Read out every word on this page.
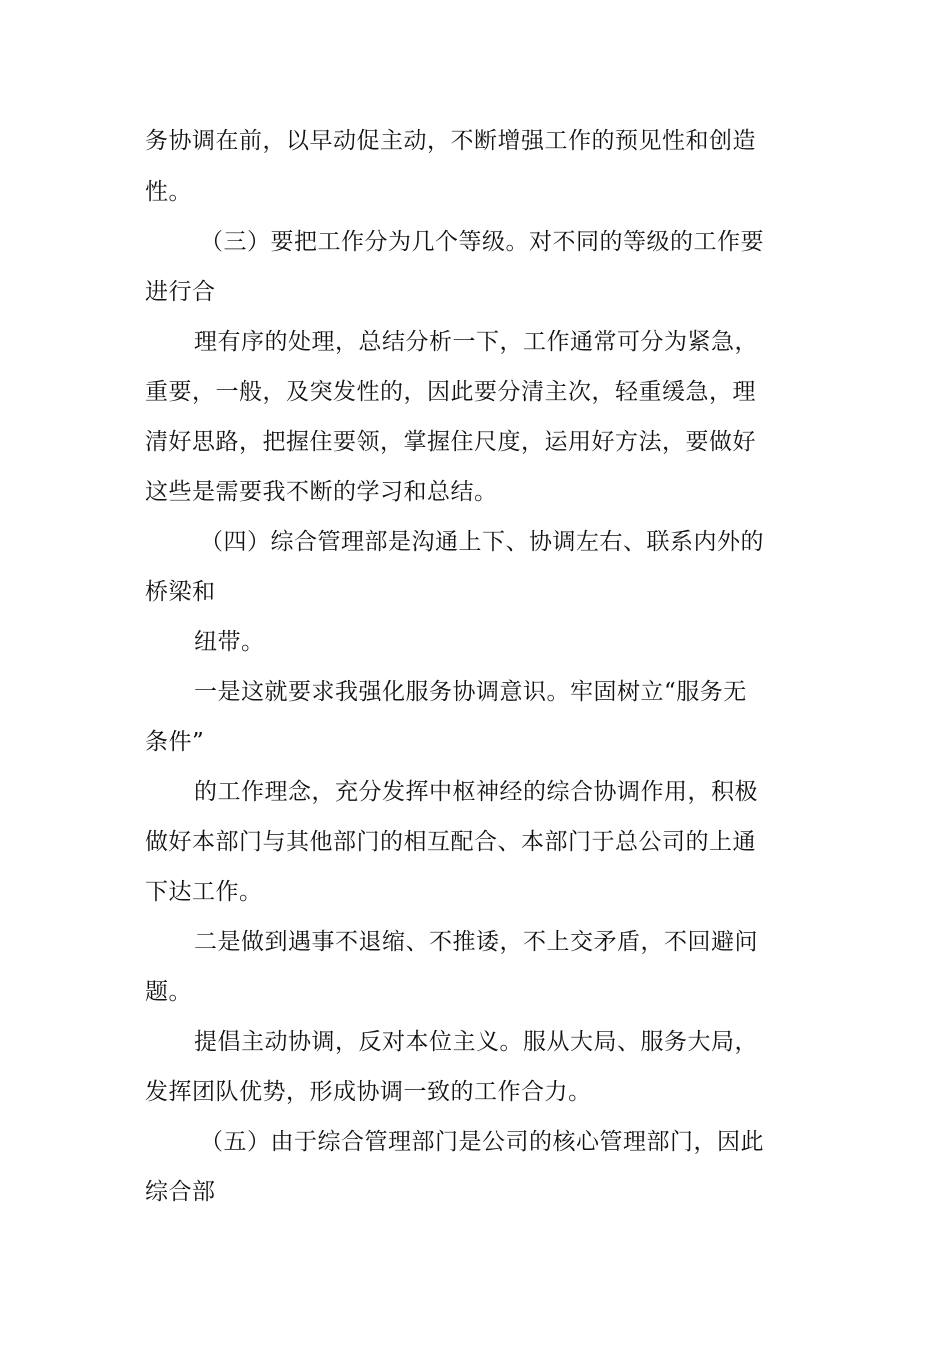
务协调在前，以早动促主动，不断增强工作的预见性和创造
性。
（三）要把工作分为几个等级。对不同的等级的工作要
进行合
理有序的处理，总结分析一下，工作通常可分为紧急，
重要，一般，及突发性的，因此要分清主次，轻重缓急，理
清好思路，把握住要领，掌握住尺度，运用好方法，要做好
这些是需要我不断的学习和总结。
（四）综合管理部是沟通上下、协调左右、联系内外的
桥梁和
纽带。
一是这就要求我强化服务协调意识。牢固树立“服务无
条件”
的工作理念，充分发挥中枢神经的综合协调作用，积极
做好本部门与其他部门的相互配合、本部门于总公司的上通
下达工作。
二是做到遇事不退缩、不推诿，不上交矛盾，不回避问
题。
提倡主动协调，反对本位主义。服从大局、服务大局，
发挥团队优势，形成协调一致的工作合力。
（五）由于综合管理部门是公司的核心管理部门，因此
综合部
